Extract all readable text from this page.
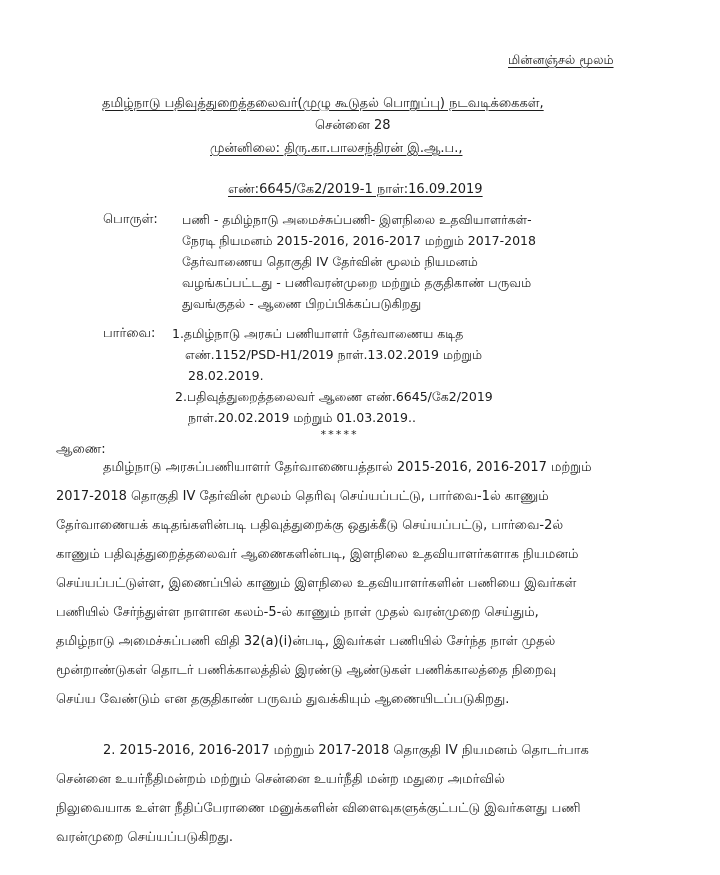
மின்னஞ்சல் மூலம்
தமிழ்நாடு பதிவுத்துறைத்தலைவர்(முழு கூடுதல் பொறுப்பு) நடவடிக்கைகள்,
சென்னை 28
முன்னிலை: திரு.கா.பாலசந்திரன் இ.ஆ.ப.,
எண்:6645/கே2/2019-1 நாள்:16.09.2019
பொருள்: பணி - தமிழ்நாடு அமைச்சுப்பணி- இளநிலை உதவியாளர்கள்-
நேரடி நியமனம் 2015-2016, 2016-2017 மற்றும் 2017-2018
தேர்வாணைய தொகுதி IV தேர்வின் மூலம் நியமனம்
வழங்கப்பட்டது - பணிவரன்முறை மற்றும் தகுதிகாண் பருவம்
துவங்குதல் - ஆணை பிறப்பிக்கப்படுகிறது
பார்வை: 1.தமிழ்நாடு அரசுப் பணியாளர் தேர்வாணைய கடித
எண்.1152/PSD-H1/2019 நாள்.13.02.2019 மற்றும்
28.02.2019.
2.பதிவுத்துறைத்தலைவர் ஆணை எண்.6645/கே2/2019
நாள்.20.02.2019 மற்றும் 01.03.2019..
*****
ஆணை:
தமிழ்நாடு அரசுப்பணியாளர் தேர்வாணையத்தால் 2015-2016, 2016-2017 மற்றும்
2017-2018 தொகுதி IV தேர்வின் மூலம் தெரிவு செய்யப்பட்டு, பார்வை-1ல் காணும்
தேர்வாணையக் கடிதங்களின்படி பதிவுத்துறைக்கு ஒதுக்கீடு செய்யப்பட்டு, பார்வை-2ல்
காணும் பதிவுத்துறைத்தலைவர் ஆணைகளின்படி, இளநிலை உதவியாளர்களாக நியமனம்
செய்யப்பட்டுள்ள, இணைப்பில் காணும் இளநிலை உதவியாளர்களின் பணியை இவர்கள்
பணியில் சேர்ந்துள்ள நாளான கலம்-5-ல் காணும் நாள் முதல் வரன்முறை செய்தும்,
தமிழ்நாடு அமைச்சுப்பணி விதி 32(a)(i)ன்படி, இவர்கள் பணியில் சேர்ந்த நாள் முதல்
மூன்றாண்டுகள் தொடர் பணிக்காலத்தில் இரண்டு ஆண்டுகள் பணிக்காலத்தை நிறைவு
செய்ய வேண்டும் என தகுதிகாண் பருவம் துவக்கியும் ஆணையிடப்படுகிறது.
2. 2015-2016, 2016-2017 மற்றும் 2017-2018 தொகுதி IV நியமனம் தொடர்பாக
சென்னை உயர்நீதிமன்றம் மற்றும் சென்னை உயர்நீதி மன்ற மதுரை அமர்வில்
நிலுவையாக உள்ள நீதிப்பேராணை மனுக்களின் விளைவுகளுக்குட்பட்டு இவர்களது பணி
வரன்முறை செய்யப்படுகிறது.
